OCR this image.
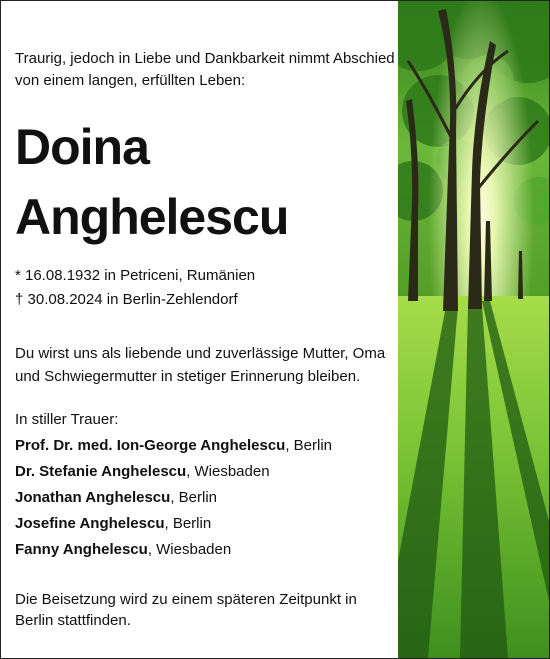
Traurig, jedoch in Liebe und Dankbarkeit nimmt Abschied von einem langen, erfüllten Leben:

Doina
Anghelescu
* 16.08.1932 in Petriceni, Rumänien
† 30.08.2024 in Berlin-Zehlendorf

Du wirst uns als liebende und zuverlässige Mutter, Oma und Schwiegermutter in stetiger Erinnerung bleiben.

In stiller Trauer:

Prof. Dr. med. Ion-George Anghelescu, Berlin
Dr. Stefanie Anghelescu, Wiesbaden
Jonathan Anghelescu, Berlin
Josefine Anghelescu, Berlin
Fanny Anghelescu, Wiesbaden

Die Beisetzung wird zu einem späteren Zeitpunkt in Berlin stattfinden.
